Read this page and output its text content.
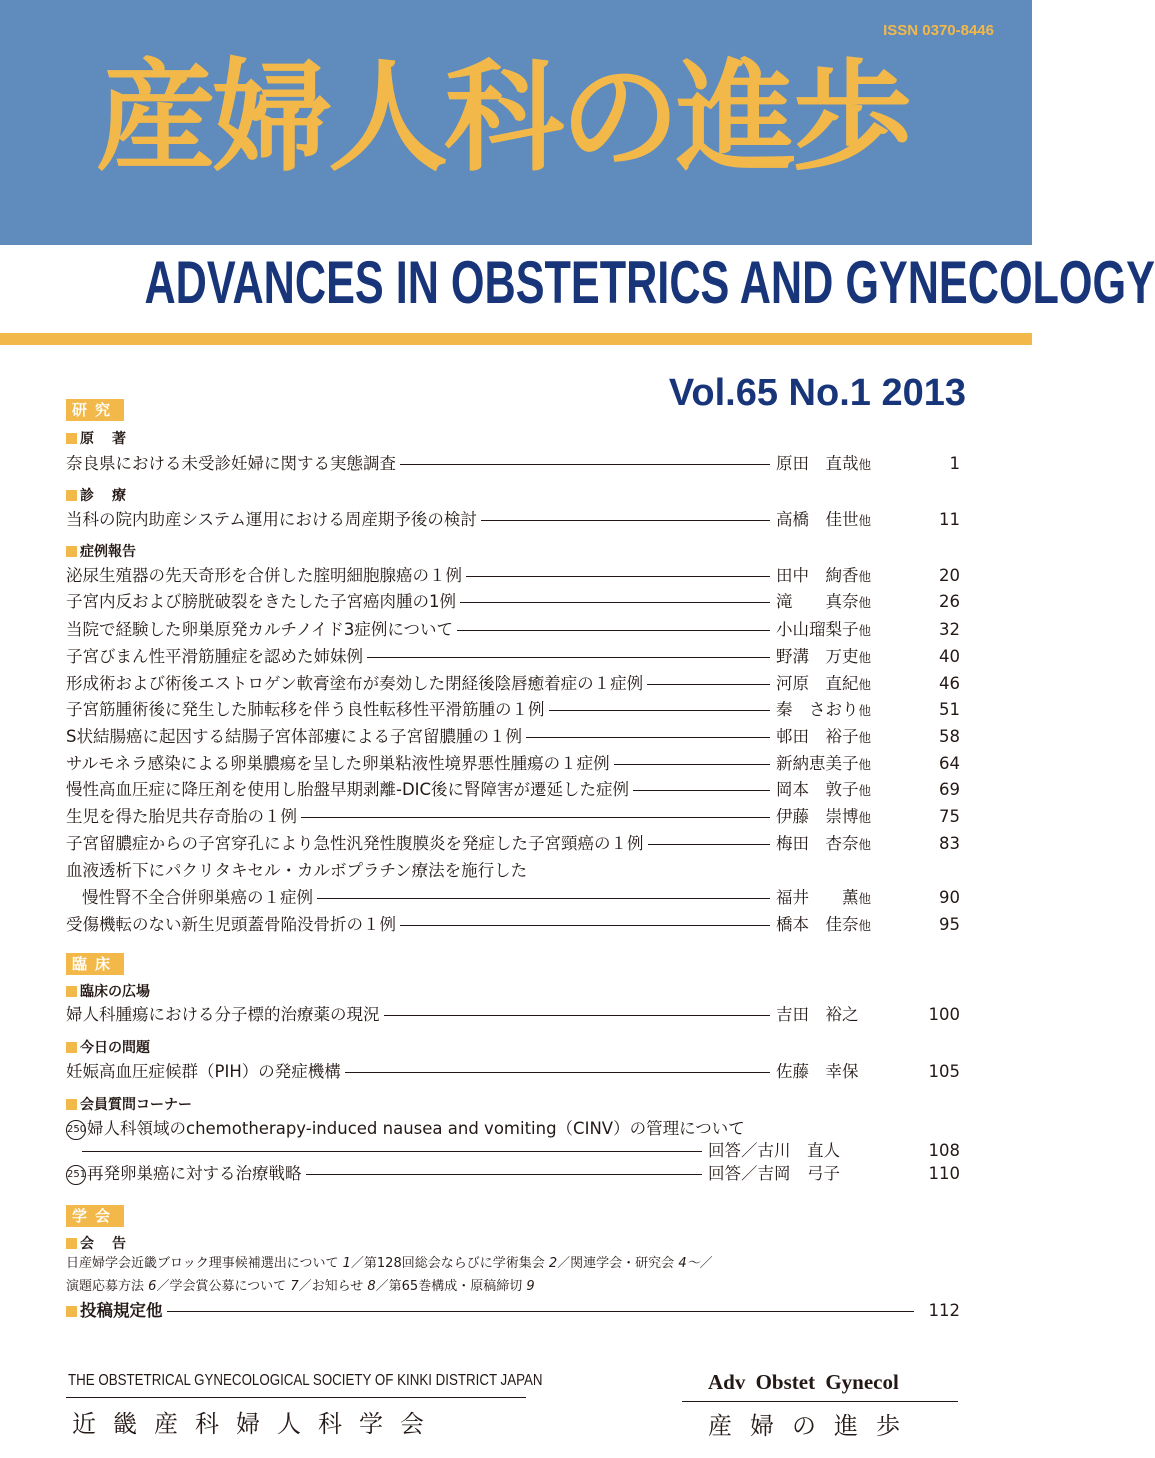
ISSN 0370-8446
産婦人科の進歩
ADVANCES IN OBSTETRICS AND GYNECOLOGY
Vol.65 No.1 2013
研究
原著
奈良県における未受診妊婦に関する実態調査	原田　直哉他	1
診療
当科の院内助産システム運用における周産期予後の検討	高橋　佳世他	11
症例報告
泌尿生殖器の先天奇形を合併した腟明細胞腺癌の１例	田中　絢香他	20
子宮内反および膀胱破裂をきたした子宮癌肉腫の1例	滝　　真奈他	26
当院で経験した卵巣原発カルチノイド3症例について	小山瑠梨子他	32
子宮びまん性平滑筋腫症を認めた姉妹例	野溝　万吏他	40
形成術および術後エストロゲン軟膏塗布が奏効した閉経後陰唇癒着症の１症例	河原　直紀他	46
子宮筋腫術後に発生した肺転移を伴う良性転移性平滑筋腫の１例	秦　さおり他	51
S状結腸癌に起因する結腸子宮体部瘻による子宮留膿腫の１例	邨田　裕子他	58
サルモネラ感染による卵巣膿瘍を呈した卵巣粘液性境界悪性腫瘍の１症例	新納恵美子他	64
慢性高血圧症に降圧剤を使用し胎盤早期剥離-DIC後に腎障害が遷延した症例	岡本　敦子他	69
生児を得た胎児共存奇胎の１例	伊藤　崇博他	75
子宮留膿症からの子宮穿孔により急性汎発性腹膜炎を発症した子宮頸癌の１例	梅田　杏奈他	83
血液透析下にパクリタキセル・カルボプラチン療法を施行した
慢性腎不全合併卵巣癌の１症例	福井　　薫他	90
受傷機転のない新生児頭蓋骨陥没骨折の１例	橋本　佳奈他	95
臨床
臨床の広場
婦人科腫瘍における分子標的治療薬の現況	吉田　裕之	100
今日の問題
妊娠高血圧症候群（PIH）の発症機構	佐藤　幸保	105
会員質問コーナー
250婦人科領域のchemotherapy-induced nausea and vomiting（CINV）の管理について
回答／古川　直人	108
251再発卵巣癌に対する治療戦略	回答／吉岡　弓子	110
学会
会告
日産婦学会近畿ブロック理事候補選出について 1／第128回総会ならびに学術集会 2／関連学会・研究会 4〜／
演題応募方法 6／学会賞公募について 7／お知らせ 8／第65巻構成・原稿締切 9
投稿規定他	112
THE OBSTETRICAL GYNECOLOGICAL SOCIETY OF KINKI DISTRICT JAPAN
近畿産科婦人科学会
Adv Obstet Gynecol
産婦の進歩
